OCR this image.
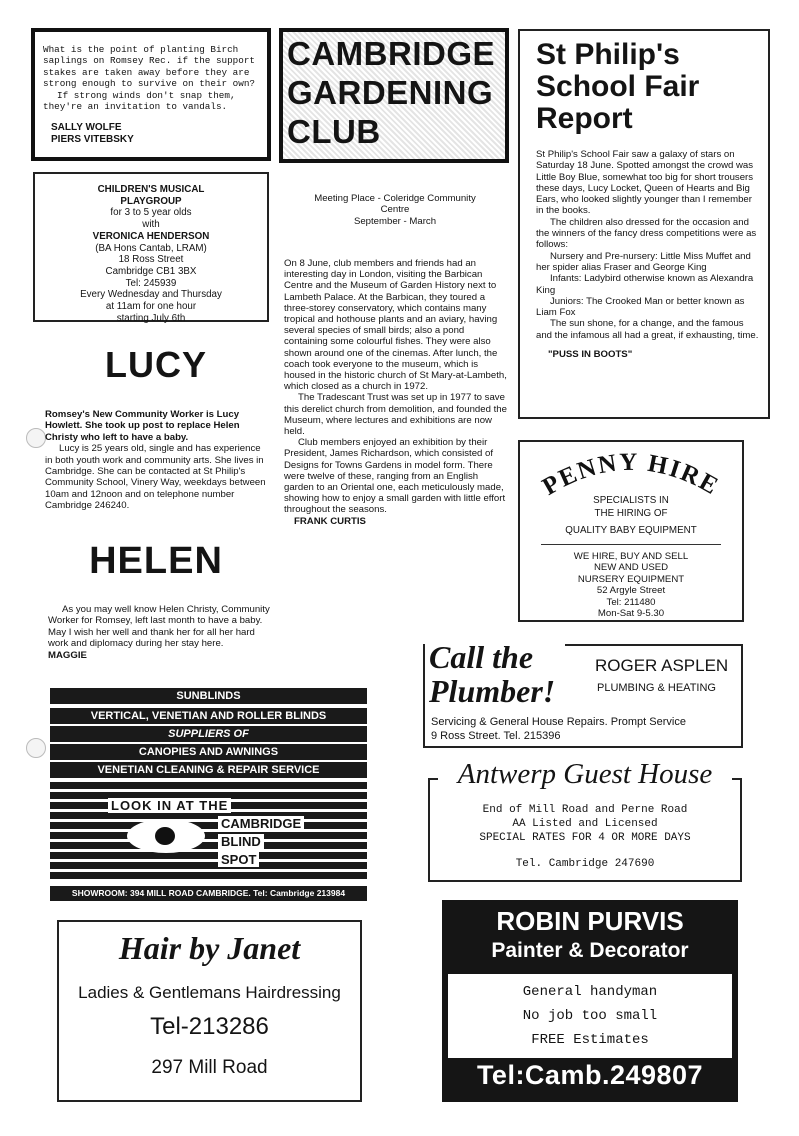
What is the point of planting Birch saplings on Romsey Rec. if the support stakes are taken away before they are strong enough to survive on their own?
If strong winds don't snap them, they're an invitation to vandals.
SALLY WOLFE
PIERS VITEBSKY
CHILDREN'S MUSICAL
PLAYGROUP
for 3 to 5 year olds
with
VERONICA HENDERSON
(BA Hons Cantab, LRAM)
18 Ross Street
Cambridge CB1 3BX
Tel: 245939
Every Wednesday and Thursday
at 11am for one hour
starting July 6th
LUCY
Romsey's New Community Worker is Lucy Howlett. She took up post to replace Helen Christy who left to have a baby.
Lucy is 25 years old, single and has experience in both youth work and community arts. She lives in Cambridge. She can be contacted at St Philip's Community School, Vinery Way, weekdays between 10am and 12noon and on telephone number Cambridge 246240.
HELEN
As you may well know Helen Christy, Community Worker for Romsey, left last month to have a baby. May I wish her well and thank her for all her hard work and diplomacy during her stay here.
MAGGIE
CAMBRIDGE
GARDENING
CLUB
Meeting Place - Coleridge Community
Centre
September - March
On 8 June, club members and friends had an interesting day in London, visiting the Barbican Centre and the Museum of Garden History next to Lambeth Palace. At the Barbican, they toured a three-storey conservatory, which contains many tropical and hothouse plants and an aviary, having several species of small birds; also a pond containing some colourful fishes. They were also shown around one of the cinemas. After lunch, the coach took everyone to the museum, which is housed in the historic church of St Mary-at-Lambeth, which closed as a church in 1972.
The Tradescant Trust was set up in 1977 to save this derelict church from demolition, and founded the Museum, where lectures and exhibitions are now held.
Club members enjoyed an exhibition by their President, James Richardson, which consisted of Designs for Towns Gardens in model form. There were twelve of these, ranging from an English garden to an Oriental one, each meticulously made, showing how to enjoy a small garden with little effort throughout the seasons.
FRANK CURTIS
St Philip's
School Fair
Report
St Philip's School Fair saw a galaxy of stars on Saturday 18 June. Spotted amongst the crowd was Little Boy Blue, somewhat too big for short trousers these days, Lucy Locket, Queen of Hearts and Big Ears, who looked slightly younger than I remember in the books.
The children also dressed for the occasion and the winners of the fancy dress competitions were as follows:
Nursery and Pre-nursery: Little Miss Muffet and her spider alias Fraser and George King
Infants: Ladybird otherwise known as Alexandra King
Juniors: The Crooked Man or better known as Liam Fox
The sun shone, for a change, and the famous and the infamous all had a great, if exhausting, time.
"PUSS IN BOOTS"
PENNY HIRE
SPECIALISTS IN
THE HIRING OF
QUALITY BABY EQUIPMENT
WE HIRE, BUY AND SELL
NEW AND USED
NURSERY EQUIPMENT
52 Argyle Street
Tel: 211480
Mon-Sat 9-5.30
Call the
Plumber!
ROGER ASPLEN
PLUMBING & HEATING
Servicing & General House Repairs. Prompt Service
9 Ross Street. Tel. 215396
Antwerp Guest House
End of Mill Road and Perne Road
AA Listed and Licensed
SPECIAL RATES FOR 4 OR MORE DAYS
Tel. Cambridge 247690
SUNBLINDS
VERTICAL, VENETIAN AND ROLLER BLINDS
SUPPLIERS OF
CANOPIES AND AWNINGS
VENETIAN CLEANING & REPAIR SERVICE
LOOK IN AT THE
CAMBRIDGE
BLIND
SPOT
SHOWROOM: 394 MILL ROAD CAMBRIDGE. Tel: Cambridge 213984
ROBIN PURVIS
Painter & Decorator
General handyman
No job too small
FREE Estimates
Tel:Camb.249807
Hair by Janet
Ladies & Gentlemans Hairdressing
Tel-213286
297 Mill Road
